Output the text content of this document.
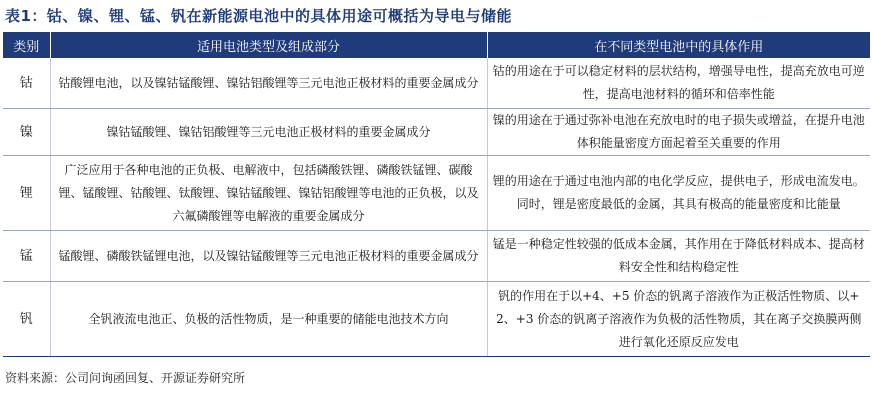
表1：钴、镍、锂、锰、钒在新能源电池中的具体用途可概括为导电与储能
类别	适用电池类型及组成部分	在不同类型电池中的具体作用
钴	钴酸锂电池，以及镍钴锰酸锂、镍钴铝酸锂等三元电池正极材料的重要金属成分	钴的用途在于可以稳定材料的层状结构，增强导电性，提高充放电可逆性，提高电池材料的循环和倍率性能
镍	镍钴锰酸锂、镍钴铝酸锂等三元电池正极材料的重要金属成分	镍的用途在于通过弥补电池在充放电时的电子损失或增益，在提升电池体积能量密度方面起着至关重要的作用
锂	广泛应用于各种电池的正负极、电解液中，包括磷酸铁锂、磷酸铁锰锂、碳酸锂、锰酸锂、钴酸锂、钛酸锂、镍钴锰酸锂、镍钴铝酸锂等电池的正负极，以及六氟磷酸锂等电解液的重要金属成分	锂的用途在于通过电池内部的电化学反应，提供电子，形成电流发电。同时，锂是密度最低的金属，其具有极高的能量密度和比能量
锰	锰酸锂、磷酸铁锰锂电池，以及镍钴锰酸锂等三元电池正极材料的重要金属成分	锰是一种稳定性较强的低成本金属，其作用在于降低材料成本、提高材料安全性和结构稳定性
钒	全钒液流电池正、负极的活性物质，是一种重要的储能电池技术方向	钒的作用在于以+4、+5 价态的钒离子溶液作为正极活性物质、以+2、+3 价态的钒离子溶液作为负极的活性物质，其在离子交换膜两侧进行氧化还原反应发电
资料来源：公司问询函回复、开源证券研究所
